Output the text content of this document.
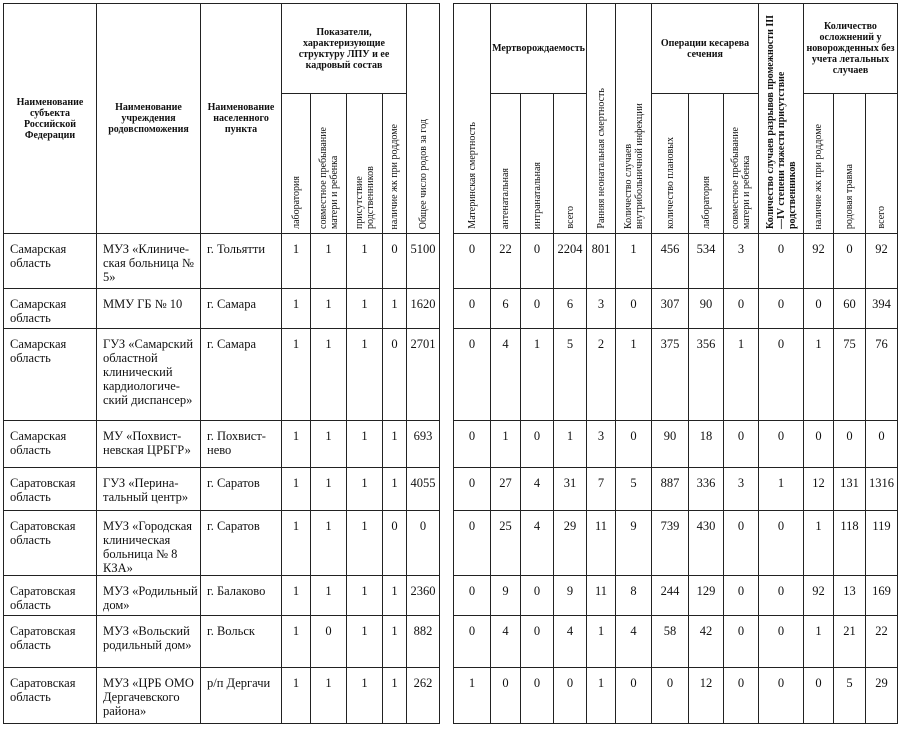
Наименование субъекта Российской Федерации	Наименование учреждения родовспоможения	Наименование населенного пункта	Показатели, характеризующие структуру ЛПУ и ее кадровый состав				Общее число родов за год		Материнская смертность	Мертворождаемость			Ранняя неонатальная смертность	Количество случаев внутрибольничной инфекции	Операции кесарева сечения			Количество случаев разрывов промежности III—IV степени тяжести присутствие родственников	Количество осложнений у новорожденных без учета летальных случаев		

			лаборатория	совместное пребывание матери и ребенка	присутствие родственников	наличие жк при роддоме				антенатальная	интранатальная	всего			количество плановых	лаборатория	совместное пребывание матери и ребенка		наличие жк при роддоме	родовая травма	всего

Самарская область	МУЗ «Клиническая больница № 5»	г. Тольятти	1	1	1	0	5100		0	22	0	2204	801	1	456	534	3	0	92	0	92
Самарская область	ММУ ГБ № 10	г. Самара	1	1	1	1	1620		0	6	0	6	3	0	307	90	0	0	0	60	394
Самарская область	ГУЗ «Самарский областной клинический кардиологический диспансер»	г. Самара	1	1	1	0	2701		0	4	1	5	2	1	375	356	1	0	1	75	76
Самарская область	МУ «Похвистневская ЦРБГР»	г. Похвистнево	1	1	1	1	693		0	1	0	1	3	0	90	18	0	0	0	0	0
Саратовская область	ГУЗ «Перинатальный центр»	г. Саратов	1	1	1	1	4055		0	27	4	31	7	5	887	336	3	1	12	131	1316
Саратовская область	МУЗ «Городская клиническая больница № 8 КЗА»	г. Саратов	1	1	1	0	0		0	25	4	29	11	9	739	430	0	0	1	118	119
Саратовская область	МУЗ «Родильный дом»	г. Балаково	1	1	1	1	2360		0	9	0	9	11	8	244	129	0	0	92	13	169
Саратовская область	МУЗ «Вольский родильный дом»	г. Вольск	1	0	1	1	882		0	4	0	4	1	4	58	42	0	0	1	21	22
Саратовская область	МУЗ «ЦРБ ОМО Дергачевского района»	р/п Дергачи	1	1	1	1	262		1	0	0	0	1	0	0	12	0	0	0	5	29
